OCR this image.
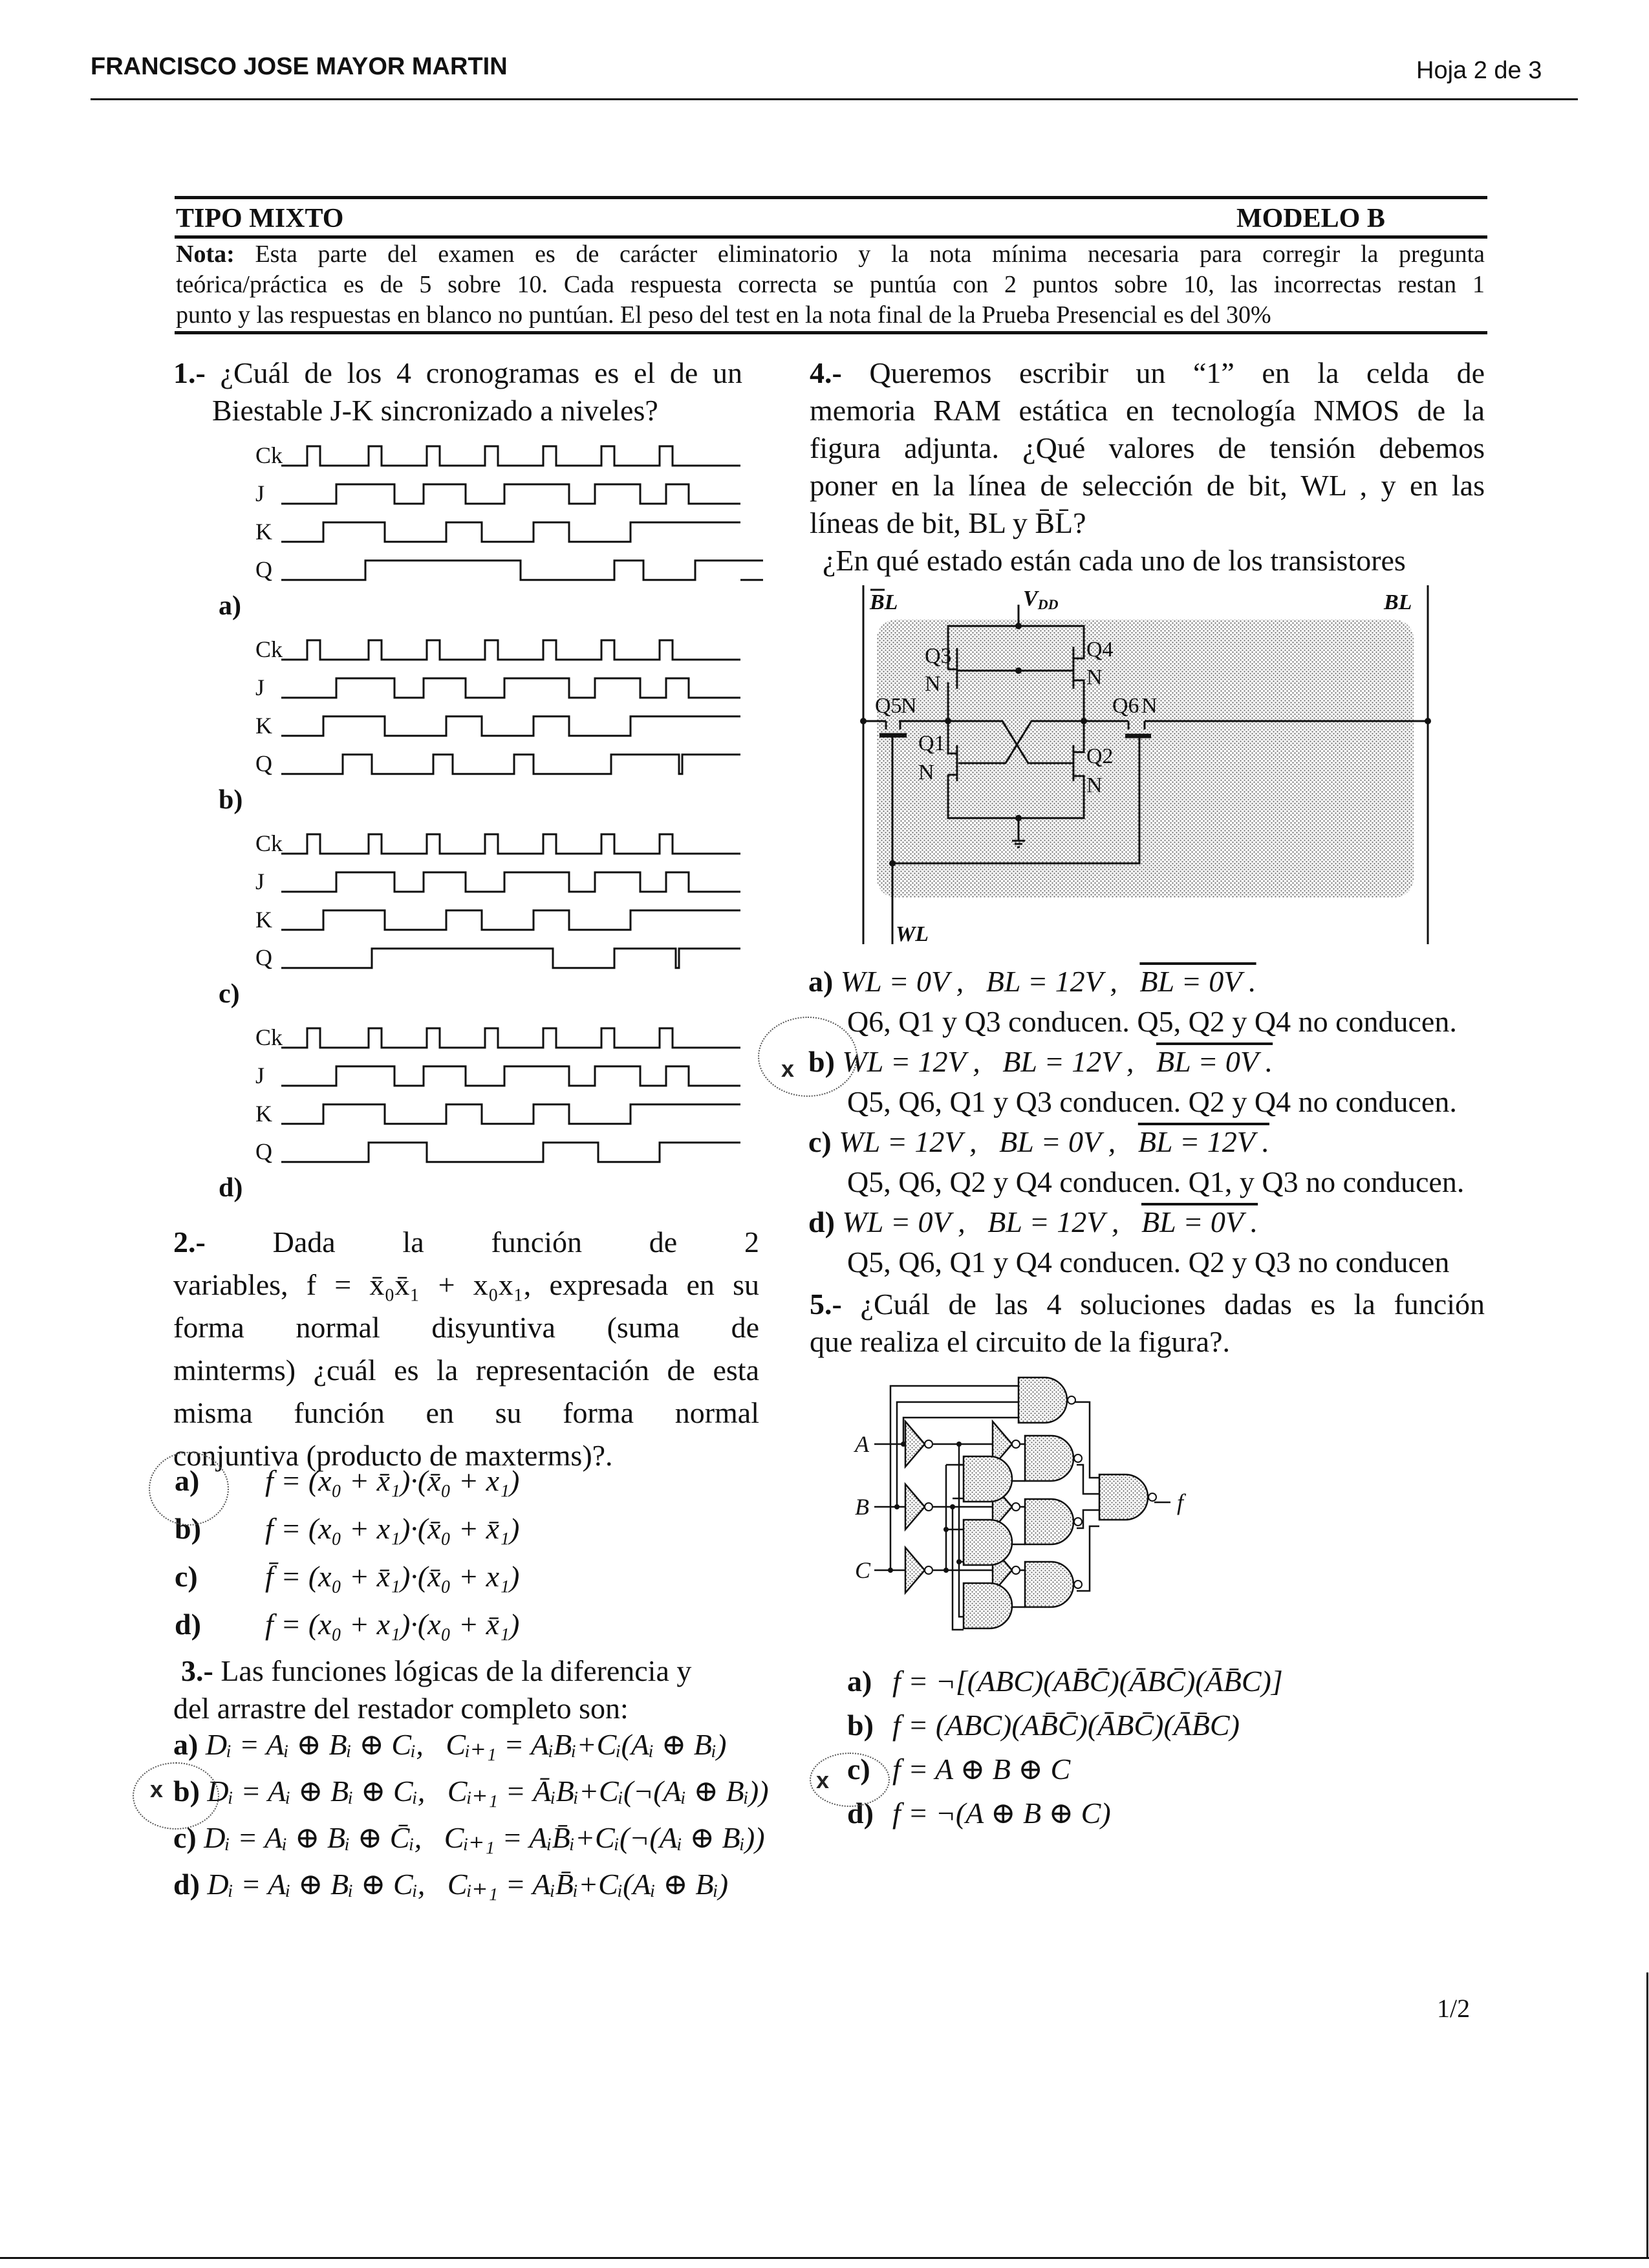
FRANCISCO JOSE MAYOR MARTIN	Hoja 2 de 3
TIPO MIXTO	MODELO B
Nota: Esta parte del examen es de carácter eliminatorio y la nota mínima necesaria para corregir la pregunta
teórica/práctica es de 5 sobre 10. Cada respuesta correcta se puntúa con 2 puntos sobre 10, las incorrectas restan 1
punto y las respuestas en blanco no puntúan. El peso del test en la nota final de la Prueba Presencial es del 30%
1.- ¿Cuál de los 4 cronogramas es el de un
Biestable J-K sincronizado a niveles?
Ck
J
K
Q
a)
Ck
J
K
Q
b)
Ck
J
K
Q
c)
Ck
J
K
Q
d)
2.- Dada la función de 2
variables, f = x̄₀x̄₁ + x₀x₁, expresada en su
forma normal disyuntiva (suma de
minterms) ¿cuál es la representación de esta
misma función en su forma normal
conjuntiva (producto de maxterms)?.
a) f = (x₀ + x̄₁)·(x̄₀ + x₁)
b) f = (x₀ + x₁)·(x̄₀ + x̄₁)
c) f̄ = (x₀ + x̄₁)·(x̄₀ + x₁)
d) f = (x₀ + x₁)·(x₀ + x̄₁)
3.- Las funciones lógicas de la diferencia y
del arrastre del restador completo son:
a) Dᵢ = Aᵢ ⊕ Bᵢ ⊕ Cᵢ, Cᵢ₊₁ = AᵢBᵢ+Cᵢ(Aᵢ ⊕ Bᵢ)
b) Dᵢ = Aᵢ ⊕ Bᵢ ⊕ Cᵢ, Cᵢ₊₁ = ĀᵢBᵢ+Cᵢ(¬(Aᵢ ⊕ Bᵢ))
c) Dᵢ = Aᵢ ⊕ Bᵢ ⊕ C̄ᵢ, Cᵢ₊₁ = AᵢB̄ᵢ+Cᵢ(¬(Aᵢ ⊕ Bᵢ))
d) Dᵢ = Aᵢ ⊕ Bᵢ ⊕ Cᵢ, Cᵢ₊₁ = AᵢB̄ᵢ+Cᵢ(Aᵢ ⊕ Bᵢ)
x
4.- Queremos escribir un “1” en la celda de
memoria RAM estática en tecnología NMOS de la
figura adjunta. ¿Qué valores de tensión debemos
poner en la línea de selección de bit, WL , y en las
líneas de bit, BL y B̄L̄?
¿En qué estado están cada uno de los transistores
BL	VDD	BL
Q3
N
Q4
N
Q5
N	Q6 N
Q1
N
Q2
N
WL
a) WL = 0V , BL = 12V , BL = 0V .
Q6, Q1 y Q3 conducen. Q5, Q2 y Q4 no conducen.
b) WL = 12V , BL = 12V , BL = 0V .
Q5, Q6, Q1 y Q3 conducen. Q2 y Q4 no conducen.
c) WL = 12V , BL = 0V , BL = 12V .
Q5, Q6, Q2 y Q4 conducen. Q1, y Q3 no conducen.
d) WL = 0V , BL = 12V , BL = 0V .
Q5, Q6, Q1 y Q4 conducen. Q2 y Q3 no conducen
x
5.- ¿Cuál de las 4 soluciones dadas es la función
que realiza el circuito de la figura?.
A
B
C
f
a) f = ¬[(ABC)(AB̄C̄)(ĀBC̄)(ĀB̄C)]
b) f = (ABC)(AB̄C̄)(ĀBC̄)(ĀB̄C)
c) f = A ⊕ B ⊕ C
d) f = ¬(A ⊕ B ⊕ C)
x
1/2
